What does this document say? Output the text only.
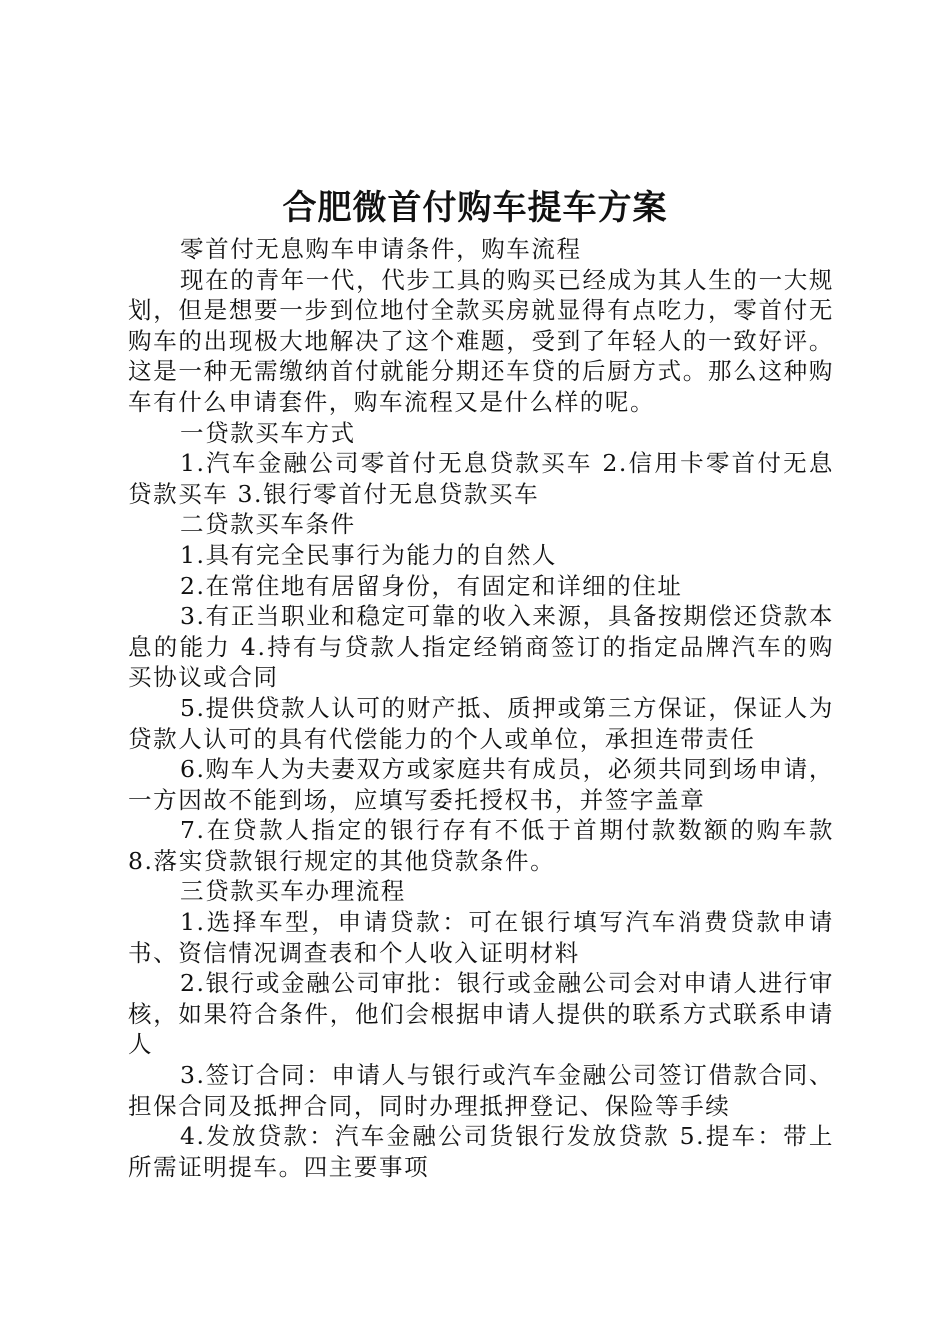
合肥微首付购车提车方案

零首付无息购车申请条件，购车流程

现在的青年一代，代步工具的购买已经成为其人生的一大规划，但是想要一步到位地付全款买房就显得有点吃力，零首付无购车的出现极大地解决了这个难题，受到了年轻人的一致好评。这是一种无需缴纳首付就能分期还车贷的后厨方式。那么这种购车有什么申请套件，购车流程又是什么样的呢。

一贷款买车方式

1.汽车金融公司零首付无息贷款买车 2.信用卡零首付无息贷款买车 3.银行零首付无息贷款买车

二贷款买车条件

1.具有完全民事行为能力的自然人

2.在常住地有居留身份，有固定和详细的住址

3.有正当职业和稳定可靠的收入来源，具备按期偿还贷款本息的能力 4.持有与贷款人指定经销商签订的指定品牌汽车的购买协议或合同

5.提供贷款人认可的财产抵、质押或第三方保证，保证人为贷款人认可的具有代偿能力的个人或单位，承担连带责任

6.购车人为夫妻双方或家庭共有成员，必须共同到场申请，一方因故不能到场，应填写委托授权书，并签字盖章

7.在贷款人指定的银行存有不低于首期付款数额的购车款 8.落实贷款银行规定的其他贷款条件。

三贷款买车办理流程

1.选择车型，申请贷款：可在银行填写汽车消费贷款申请书、资信情况调查表和个人收入证明材料

2.银行或金融公司审批：银行或金融公司会对申请人进行审核，如果符合条件，他们会根据申请人提供的联系方式联系申请人

3.签订合同：申请人与银行或汽车金融公司签订借款合同、担保合同及抵押合同，同时办理抵押登记、保险等手续

4.发放贷款：汽车金融公司货银行发放贷款 5.提车：带上所需证明提车。四主要事项
